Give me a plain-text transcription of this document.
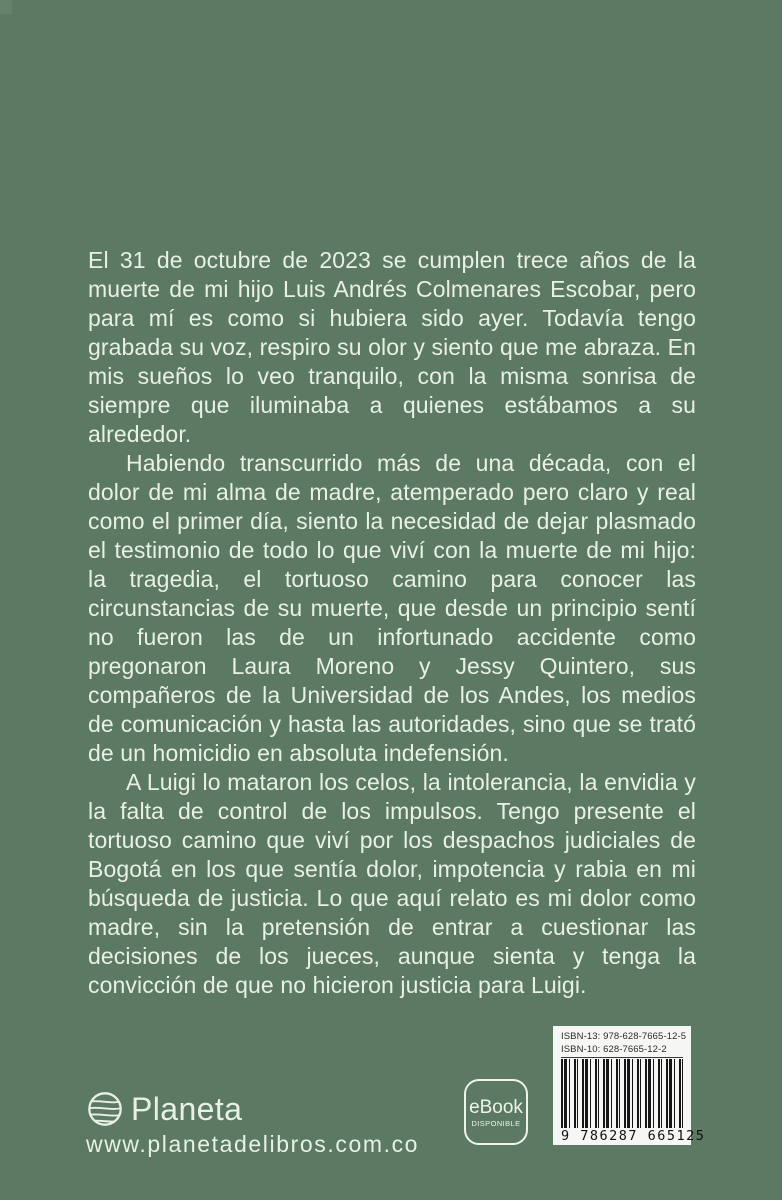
El 31 de octubre de 2023 se cumplen trece años de la muerte de mi hijo Luis Andrés Colmenares Escobar, pero para mí es como si hubiera sido ayer. Todavía tengo grabada su voz, respiro su olor y siento que me abraza. En mis sueños lo veo tranquilo, con la misma sonrisa de siempre que iluminaba a quienes estábamos a su alrededor.

Habiendo transcurrido más de una década, con el dolor de mi alma de madre, atemperado pero claro y real como el primer día, siento la necesidad de dejar plasmado el testimonio de todo lo que viví con la muerte de mi hijo: la tragedia, el tortuoso camino para conocer las circunstancias de su muerte, que desde un principio sentí no fueron las de un infortunado accidente como pregonaron Laura Moreno y Jessy Quintero, sus compañeros de la Universidad de los Andes, los medios de comunicación y hasta las autoridades, sino que se trató de un homicidio en absoluta indefensión.

A Luigi lo mataron los celos, la intolerancia, la envidia y la falta de control de los impulsos. Tengo presente el tortuoso camino que viví por los despachos judiciales de Bogotá en los que sentía dolor, impotencia y rabia en mi búsqueda de justicia. Lo que aquí relato es mi dolor como madre, sin la pretensión de entrar a cuestionar las decisiones de los jueces, aunque sienta y tenga la convicción de que no hicieron justicia para Luigi.

Planeta
www.planetadelibros.com.co
eBook
DISPONIBLE
ISBN-13: 978-628-7665-12-5
ISBN-10: 628-7665-12-2
9 786287 665125
